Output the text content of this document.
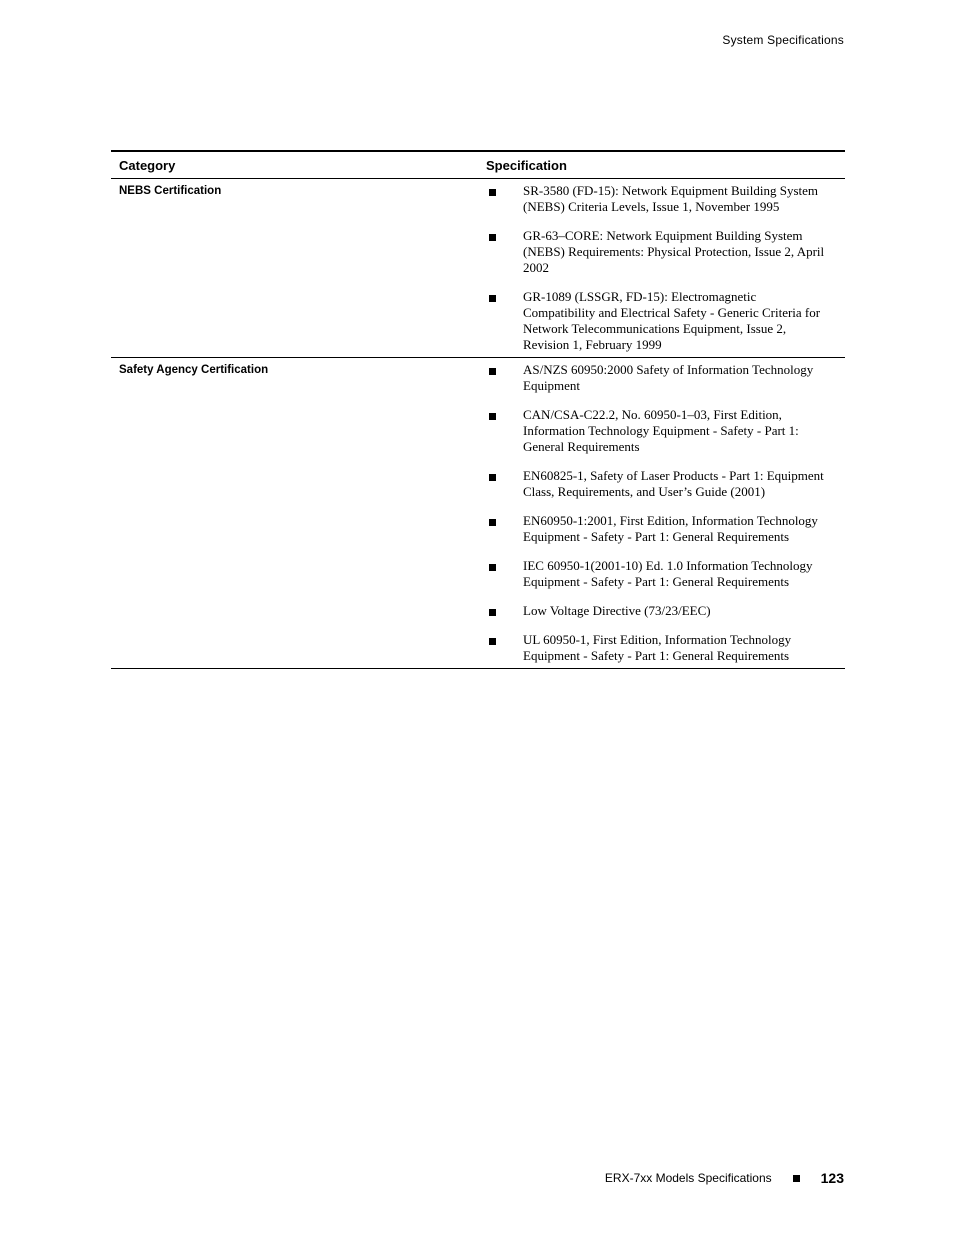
System Specifications
Category	Specification
NEBS Certification	SR-3580 (FD-15): Network Equipment Building System (NEBS) Criteria Levels, Issue 1, November 1995
GR-63–CORE: Network Equipment Building System (NEBS) Requirements: Physical Protection, Issue 2, April 2002
GR-1089 (LSSGR, FD-15): Electromagnetic Compatibility and Electrical Safety - Generic Criteria for Network Telecommunications Equipment, Issue 2, Revision 1, February 1999
Safety Agency Certification	AS/NZS 60950:2000 Safety of Information Technology Equipment
CAN/CSA-C22.2, No. 60950-1–03, First Edition, Information Technology Equipment - Safety - Part 1: General Requirements
EN60825-1, Safety of Laser Products - Part 1: Equipment Class, Requirements, and User’s Guide (2001)
EN60950-1:2001, First Edition, Information Technology Equipment - Safety - Part 1: General Requirements
IEC 60950-1(2001-10) Ed. 1.0 Information Technology Equipment - Safety - Part 1: General Requirements
Low Voltage Directive (73/23/EEC)
UL 60950-1, First Edition, Information Technology Equipment - Safety - Part 1: General Requirements
ERX-7xx Models Specifications	123
